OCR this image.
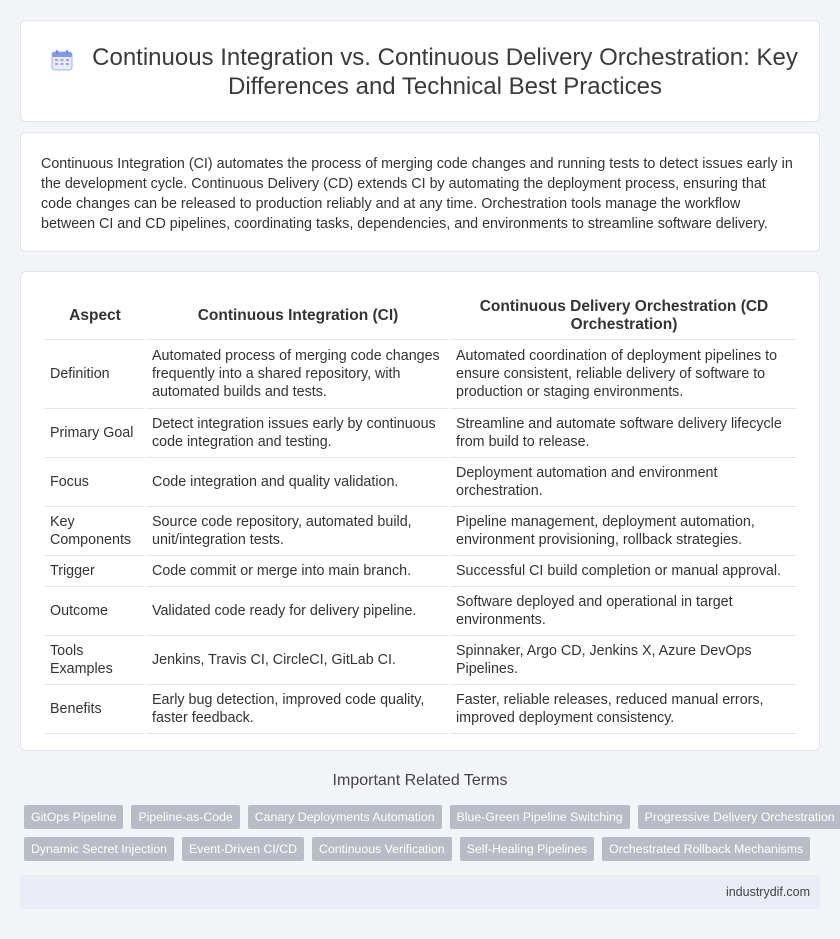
Continuous Integration vs. Continuous Delivery Orchestration: Key Differences and Technical Best Practices

Continuous Integration (CI) automates the process of merging code changes and running tests to detect issues early in the development cycle. Continuous Delivery (CD) extends CI by automating the deployment process, ensuring that code changes can be released to production reliably and at any time. Orchestration tools manage the workflow between CI and CD pipelines, coordinating tasks, dependencies, and environments to streamline software delivery.

Aspect	Continuous Integration (CI)	Continuous Delivery Orchestration (CD Orchestration)
Definition	Automated process of merging code changes frequently into a shared repository, with automated builds and tests.	Automated coordination of deployment pipelines to ensure consistent, reliable delivery of software to production or staging environments.
Primary Goal	Detect integration issues early by continuous code integration and testing.	Streamline and automate software delivery lifecycle from build to release.
Focus	Code integration and quality validation.	Deployment automation and environment orchestration.
Key Components	Source code repository, automated build, unit/integration tests.	Pipeline management, deployment automation, environment provisioning, rollback strategies.
Trigger	Code commit or merge into main branch.	Successful CI build completion or manual approval.
Outcome	Validated code ready for delivery pipeline.	Software deployed and operational in target environments.
Tools Examples	Jenkins, Travis CI, CircleCI, GitLab CI.	Spinnaker, Argo CD, Jenkins X, Azure DevOps Pipelines.
Benefits	Early bug detection, improved code quality, faster feedback.	Faster, reliable releases, reduced manual errors, improved deployment consistency.
Important Related Terms
GitOps Pipeline	Pipeline-as-Code	Canary Deployments Automation	Blue-Green Pipeline Switching	Progressive Delivery Orchestration
Dynamic Secret Injection	Event-Driven CI/CD	Continuous Verification	Self-Healing Pipelines	Orchestrated Rollback Mechanisms
industrydif.com
